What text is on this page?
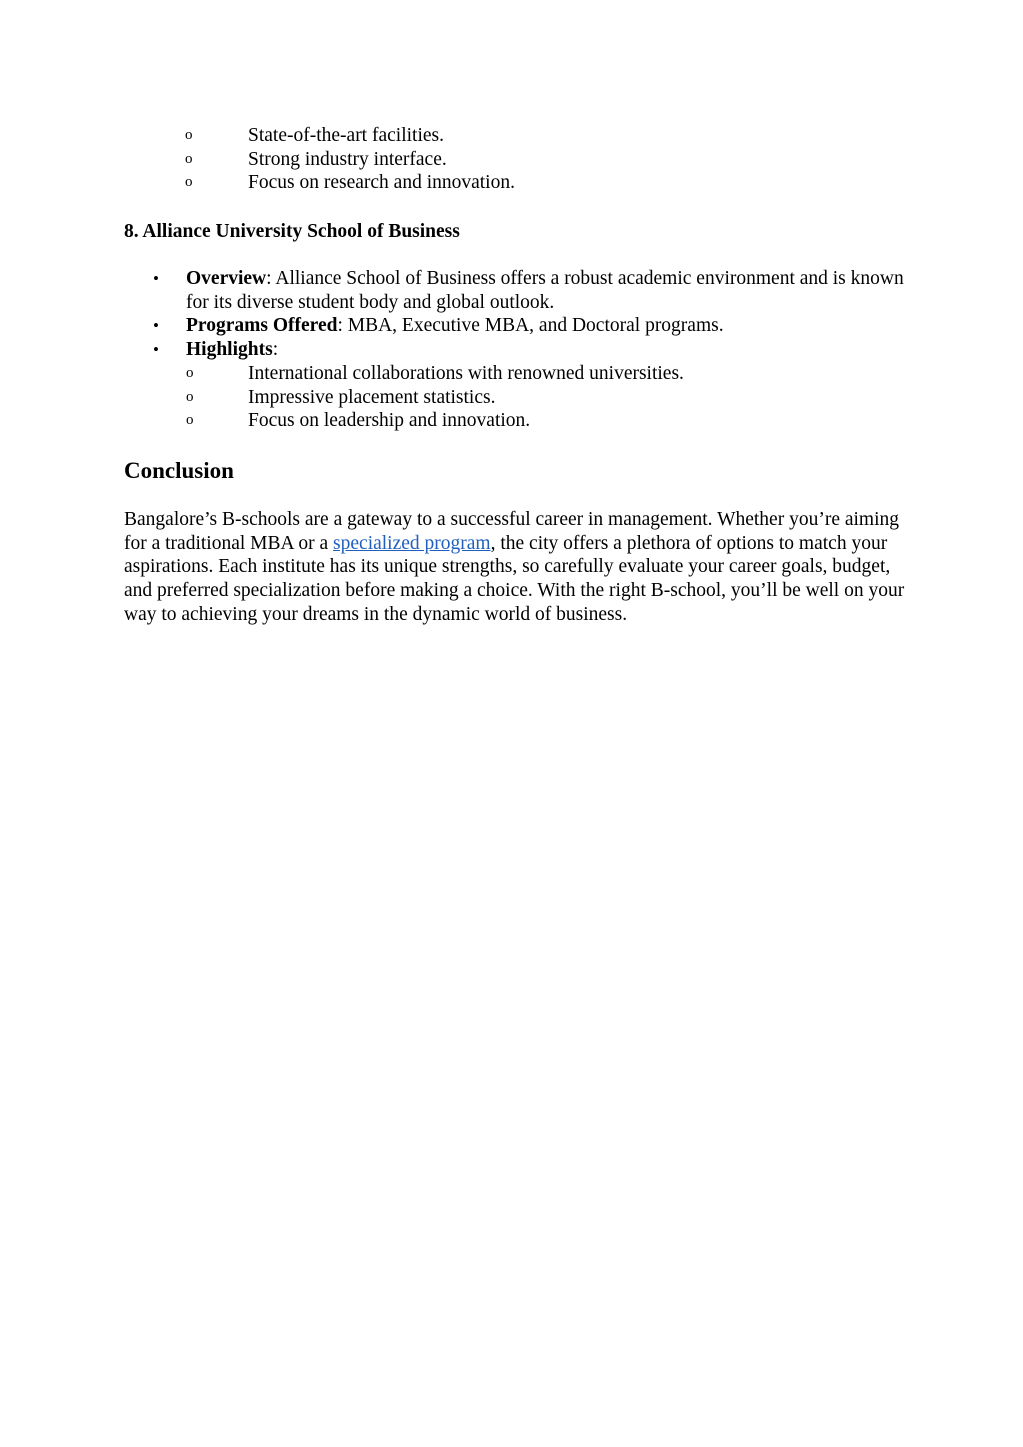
o	State-of-the-art facilities.
o	Strong industry interface.
o	Focus on research and innovation.
8. Alliance University School of Business
• Overview: Alliance School of Business offers a robust academic environment and is known for its diverse student body and global outlook.
• Programs Offered: MBA, Executive MBA, and Doctoral programs.
• Highlights:
o	International collaborations with renowned universities.
o	Impressive placement statistics.
o	Focus on leadership and innovation.
Conclusion

Bangalore’s B-schools are a gateway to a successful career in management. Whether you’re aiming for a traditional MBA or a specialized program, the city offers a plethora of options to match your aspirations. Each institute has its unique strengths, so carefully evaluate your career goals, budget, and preferred specialization before making a choice. With the right B-school, you’ll be well on your way to achieving your dreams in the dynamic world of business.
